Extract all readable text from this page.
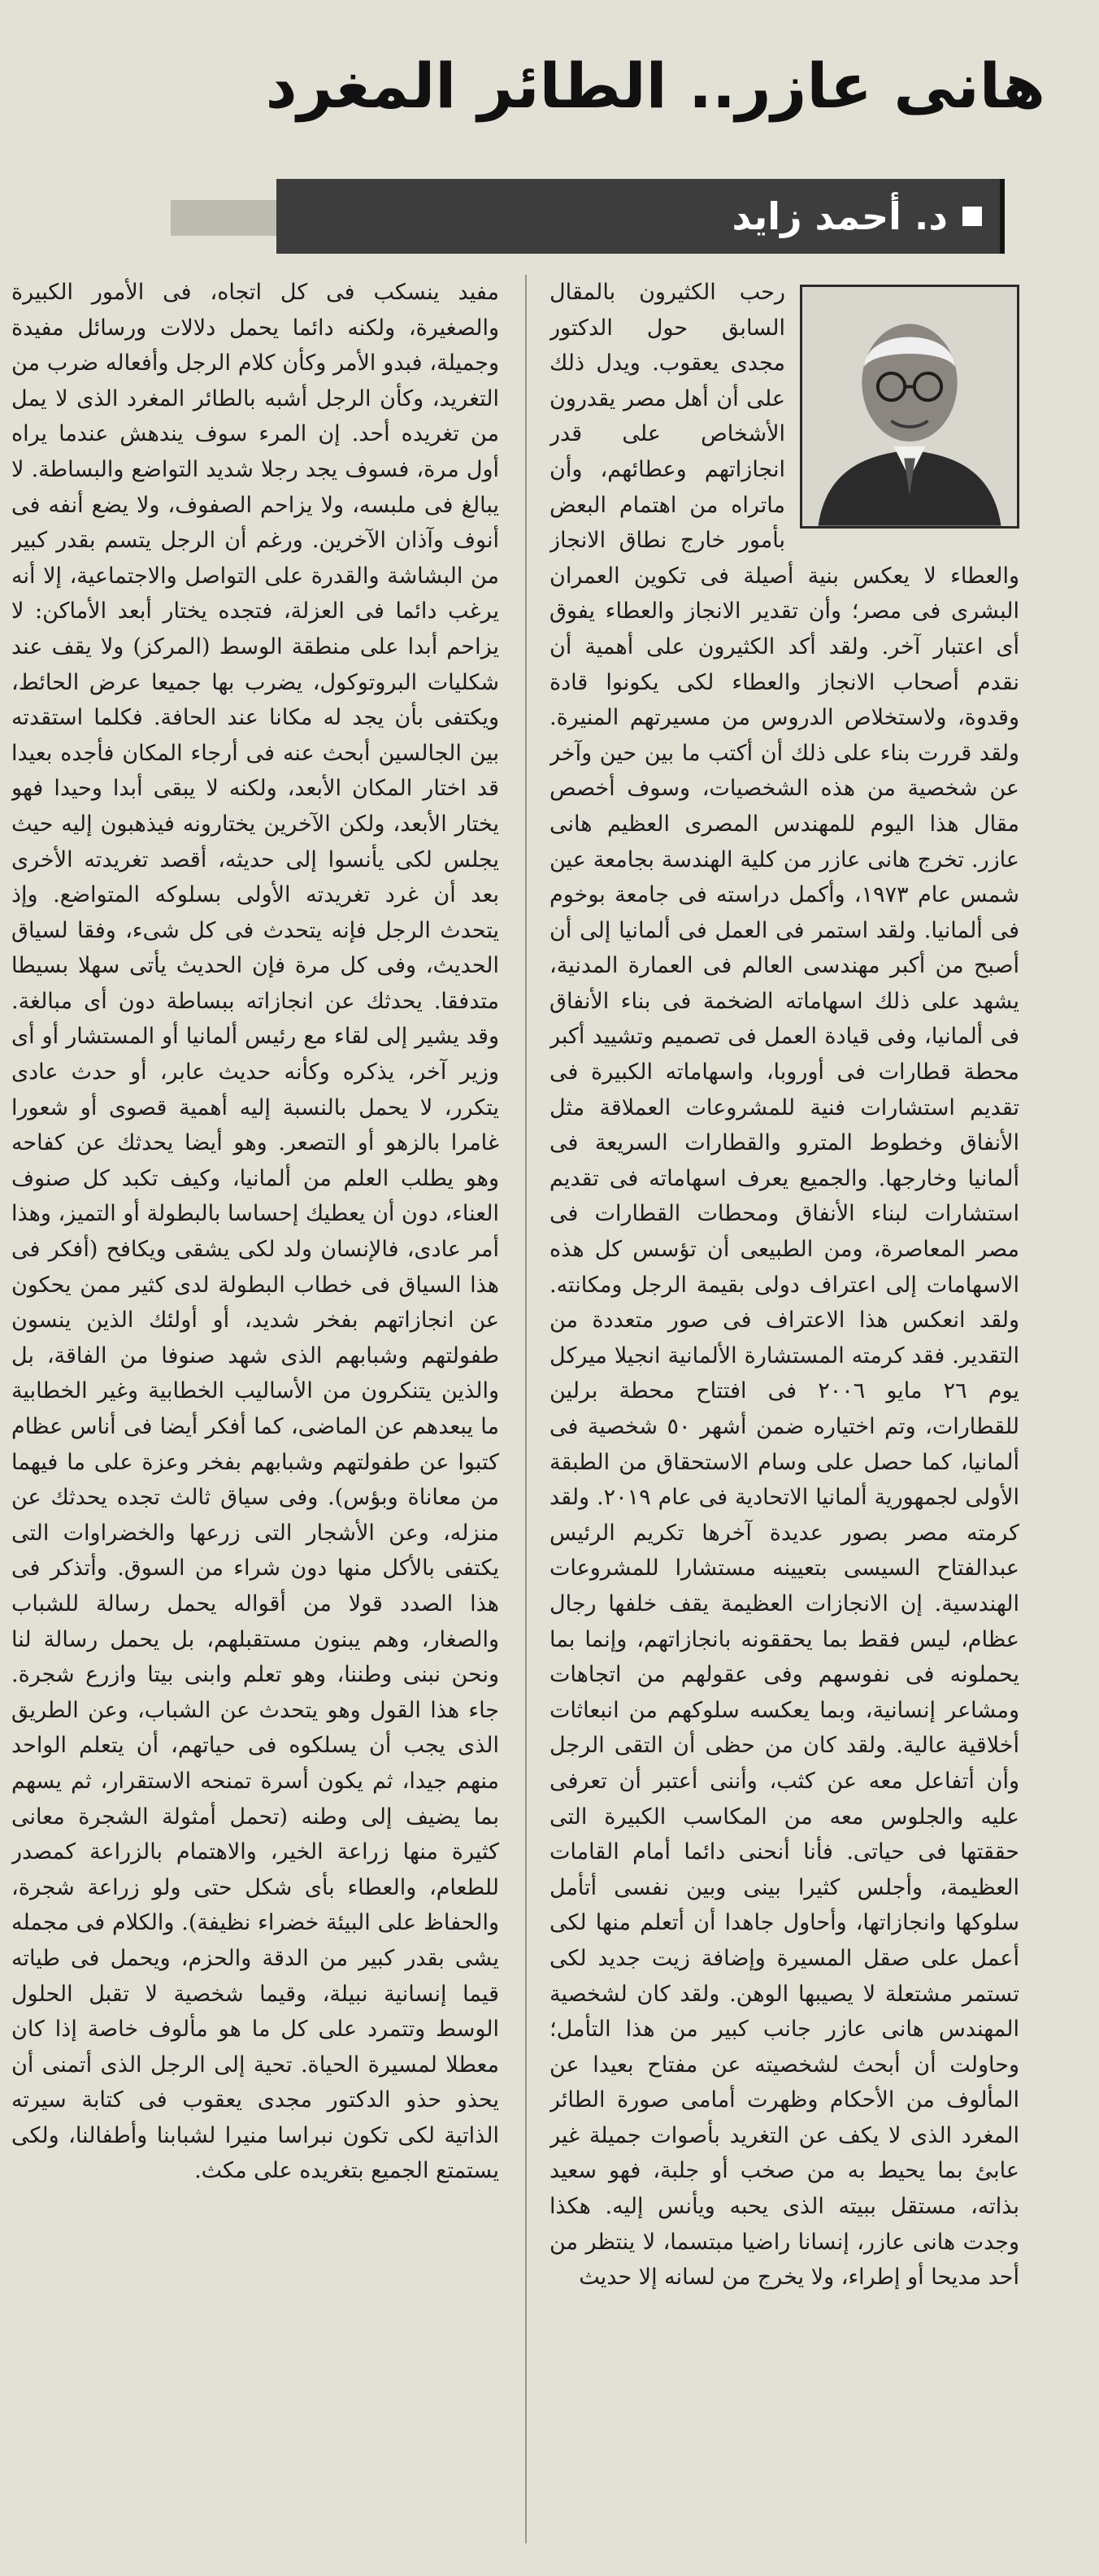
هانى عازر.. الطائر المغرد
د. أحمد زايد

رحب الكثيرون بالمقال السابق حول الدكتور مجدى يعقوب. ويدل ذلك على أن أهل مصر يقدرون الأشخاص على قدر انجازاتهم وعطائهم، وأن ماتراه من اهتمام البعض بأمور خارج نطاق الانجاز والعطاء لا يعكس بنية أصيلة فى تكوين العمران البشرى فى مصر؛ وأن تقدير الانجاز والعطاء يفوق أى اعتبار آخر. ولقد أكد الكثيرون على أهمية أن نقدم أصحاب الانجاز والعطاء لكى يكونوا قادة وقدوة، ولاستخلاص الدروس من مسيرتهم المنيرة. ولقد قررت بناء على ذلك أن أكتب ما بين حين وآخر عن شخصية من هذه الشخصيات، وسوف أخصص مقال هذا اليوم للمهندس المصرى العظيم هانى عازر. تخرج هانى عازر من كلية الهندسة بجامعة عين شمس عام ١٩٧٣، وأكمل دراسته فى جامعة بوخوم فى ألمانيا. ولقد استمر فى العمل فى ألمانيا إلى أن أصبح من أكبر مهندسى العالم فى العمارة المدنية، يشهد على ذلك اسهاماته الضخمة فى بناء الأنفاق فى ألمانيا، وفى قيادة العمل فى تصميم وتشييد أكبر محطة قطارات فى أوروبا، واسهاماته الكبيرة فى تقديم استشارات فنية للمشروعات العملاقة مثل الأنفاق وخطوط المترو والقطارات السريعة فى ألمانيا وخارجها. والجميع يعرف اسهاماته فى تقديم استشارات لبناء الأنفاق ومحطات القطارات فى مصر المعاصرة، ومن الطبيعى أن تؤسس كل هذه الاسهامات إلى اعتراف دولى بقيمة الرجل ومكانته. ولقد انعكس هذا الاعتراف فى صور متعددة من التقدير. فقد كرمته المستشارة الألمانية انجيلا ميركل يوم ٢٦ مايو ٢٠٠٦ فى افتتاح محطة برلين للقطارات، وتم اختياره ضمن أشهر ٥٠ شخصية فى ألمانيا، كما حصل على وسام الاستحقاق من الطبقة الأولى لجمهورية ألمانيا الاتحادية فى عام ٢٠١٩. ولقد كرمته مصر بصور عديدة آخرها تكريم الرئيس عبدالفتاح السيسى بتعيينه مستشارا للمشروعات الهندسية. إن الانجازات العظيمة يقف خلفها رجال عظام، ليس فقط بما يحققونه بانجازاتهم، وإنما بما يحملونه فى نفوسهم وفى عقولهم من اتجاهات ومشاعر إنسانية، وبما يعكسه سلوكهم من انبعاثات أخلاقية عالية. ولقد كان من حظى أن التقى الرجل وأن أتفاعل معه عن كثب، وأننى أعتبر أن تعرفى عليه والجلوس معه من المكاسب الكبيرة التى حققتها فى حياتى. فأنا أنحنى دائما أمام القامات العظيمة، وأجلس كثيرا بينى وبين نفسى أتأمل سلوكها وانجازاتها، وأحاول جاهدا أن أتعلم منها لكى أعمل على صقل المسيرة وإضافة زيت جديد لكى تستمر مشتعلة لا يصيبها الوهن. ولقد كان لشخصية المهندس هانى عازر جانب كبير من هذا التأمل؛ وحاولت أن أبحث لشخصيته عن مفتاح بعيدا عن المألوف من الأحكام وظهرت أمامى صورة الطائر المغرد الذى لا يكف عن التغريد بأصوات جميلة غير عابئ بما يحيط به من صخب أو جلبة، فهو سعيد بذاته، مستقل ببيته الذى يحبه ويأنس إليه. هكذا وجدت هانى عازر، إنسانا راضيا مبتسما، لا ينتظر من أحد مديحا أو إطراء، ولا يخرج من لسانه إلا حديث

مفيد ينسكب فى كل اتجاه، فى الأمور الكبيرة والصغيرة، ولكنه دائما يحمل دلالات ورسائل مفيدة وجميلة، فبدو الأمر وكأن كلام الرجل وأفعاله ضرب من التغريد، وكأن الرجل أشبه بالطائر المغرد الذى لا يمل من تغريده أحد. إن المرء سوف يندهش عندما يراه أول مرة، فسوف يجد رجلا شديد التواضع والبساطة. لا يبالغ فى ملبسه، ولا يزاحم الصفوف، ولا يضع أنفه فى أنوف وآذان الآخرين. ورغم أن الرجل يتسم بقدر كبير من البشاشة والقدرة على التواصل والاجتماعية، إلا أنه يرغب دائما فى العزلة، فتجده يختار أبعد الأماكن: لا يزاحم أبدا على منطقة الوسط (المركز) ولا يقف عند شكليات البروتوكول، يضرب بها جميعا عرض الحائط، ويكتفى بأن يجد له مكانا عند الحافة. فكلما استقدته بين الجالسين أبحث عنه فى أرجاء المكان فأجده بعيدا قد اختار المكان الأبعد، ولكنه لا يبقى أبدا وحيدا فهو يختار الأبعد، ولكن الآخرين يختارونه فيذهبون إليه حيث يجلس لكى يأنسوا إلى حديثه، أقصد تغريدته الأخرى بعد أن غرد تغريدته الأولى بسلوكه المتواضع. وإذ يتحدث الرجل فإنه يتحدث فى كل شىء، وفقا لسياق الحديث، وفى كل مرة فإن الحديث يأتى سهلا بسيطا متدفقا. يحدثك عن انجازاته ببساطة دون أى مبالغة. وقد يشير إلى لقاء مع رئيس ألمانيا أو المستشار أو أى وزير آخر، يذكره وكأنه حديث عابر، أو حدث عادى يتكرر، لا يحمل بالنسبة إليه أهمية قصوى أو شعورا غامرا بالزهو أو التصعر. وهو أيضا يحدثك عن كفاحه وهو يطلب العلم من ألمانيا، وكيف تكبد كل صنوف العناء، دون أن يعطيك إحساسا بالبطولة أو التميز، وهذا أمر عادى، فالإنسان ولد لكى يشقى ويكافح (أفكر فى هذا السياق فى خطاب البطولة لدى كثير ممن يحكون عن انجازاتهم بفخر شديد، أو أولئك الذين ينسون طفولتهم وشبابهم الذى شهد صنوفا من الفاقة، بل والذين يتنكرون من الأساليب الخطابية وغير الخطابية ما يبعدهم عن الماضى، كما أفكر أيضا فى أناس عظام كتبوا عن طفولتهم وشبابهم بفخر وعزة على ما فيهما من معاناة وبؤس). وفى سياق ثالث تجده يحدثك عن منزله، وعن الأشجار التى زرعها والخضراوات التى يكتفى بالأكل منها دون شراء من السوق. وأتذكر فى هذا الصدد قولا من أقواله يحمل رسالة للشباب والصغار، وهم يبنون مستقبلهم، بل يحمل رسالة لنا ونحن نبنى وطننا، وهو تعلم وابنى بيتا وازرع شجرة. جاء هذا القول وهو يتحدث عن الشباب، وعن الطريق الذى يجب أن يسلكوه فى حياتهم، أن يتعلم الواحد منهم جيدا، ثم يكون أسرة تمنحه الاستقرار، ثم يسهم بما يضيف إلى وطنه (تحمل أمثولة الشجرة معانى كثيرة منها زراعة الخير، والاهتمام بالزراعة كمصدر للطعام، والعطاء بأى شكل حتى ولو زراعة شجرة، والحفاظ على البيئة خضراء نظيفة). والكلام فى مجمله يشى بقدر كبير من الدقة والحزم، ويحمل فى طياته قيما إنسانية نبيلة، وقيما شخصية لا تقبل الحلول الوسط وتتمرد على كل ما هو مألوف خاصة إذا كان معطلا لمسيرة الحياة. تحية إلى الرجل الذى أتمنى أن يحذو حذو الدكتور مجدى يعقوب فى كتابة سيرته الذاتية لكى تكون نبراسا منيرا لشبابنا وأطفالنا، ولكى يستمتع الجميع بتغريده على مكث.
